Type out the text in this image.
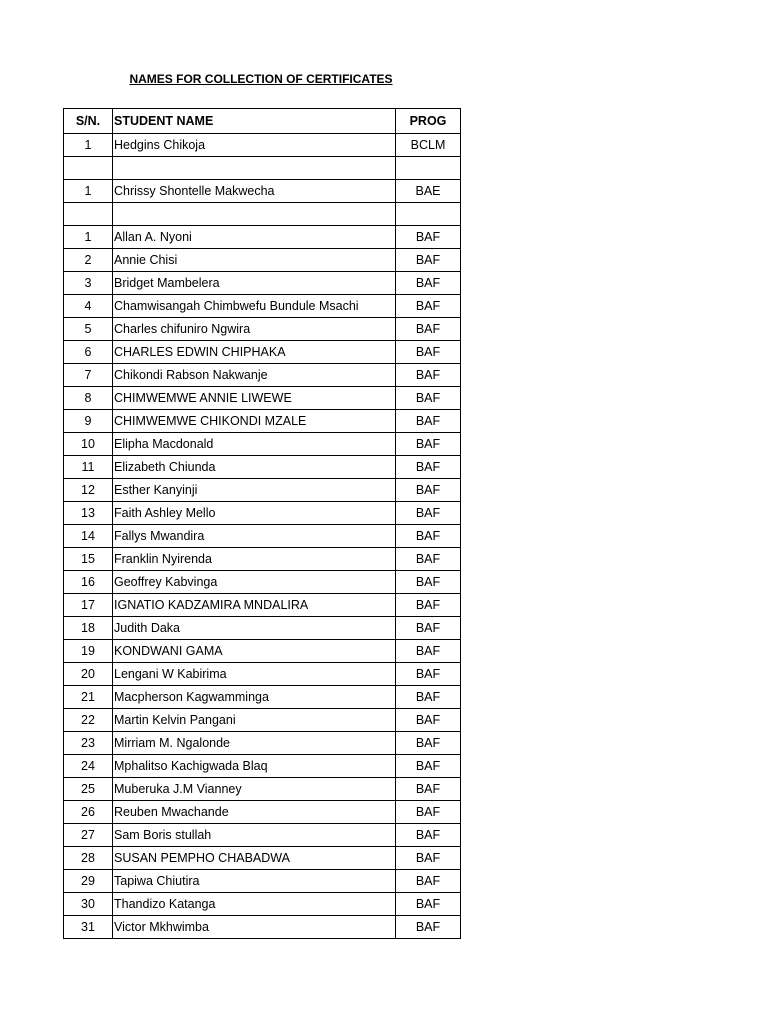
NAMES FOR COLLECTION OF CERTIFICATES
S/N.	STUDENT NAME	PROG
1	Hedgins Chikoja	BCLM

1	Chrissy Shontelle Makwecha	BAE

1	Allan A. Nyoni	BAF
2	Annie Chisi	BAF
3	Bridget Mambelera	BAF
4	Chamwisangah Chimbwefu Bundule Msachi	BAF
5	Charles chifuniro Ngwira	BAF
6	CHARLES EDWIN CHIPHAKA	BAF
7	Chikondi Rabson Nakwanje	BAF
8	CHIMWEMWE ANNIE LIWEWE	BAF
9	CHIMWEMWE CHIKONDI MZALE	BAF
10	Elipha Macdonald	BAF
11	Elizabeth Chiunda	BAF
12	Esther Kanyinji	BAF
13	Faith Ashley Mello	BAF
14	Fallys Mwandira	BAF
15	Franklin Nyirenda	BAF
16	Geoffrey Kabvinga	BAF
17	IGNATIO KADZAMIRA MNDALIRA	BAF
18	Judith Daka	BAF
19	KONDWANI GAMA	BAF
20	Lengani W Kabirima	BAF
21	Macpherson Kagwamminga	BAF
22	Martin Kelvin Pangani	BAF
23	Mirriam M. Ngalonde	BAF
24	Mphalitso Kachigwada Blaq	BAF
25	Muberuka J.M Vianney	BAF
26	Reuben Mwachande	BAF
27	Sam Boris stullah	BAF
28	SUSAN PEMPHO CHABADWA	BAF
29	Tapiwa Chiutira	BAF
30	Thandizo Katanga	BAF
31	Victor Mkhwimba	BAF
